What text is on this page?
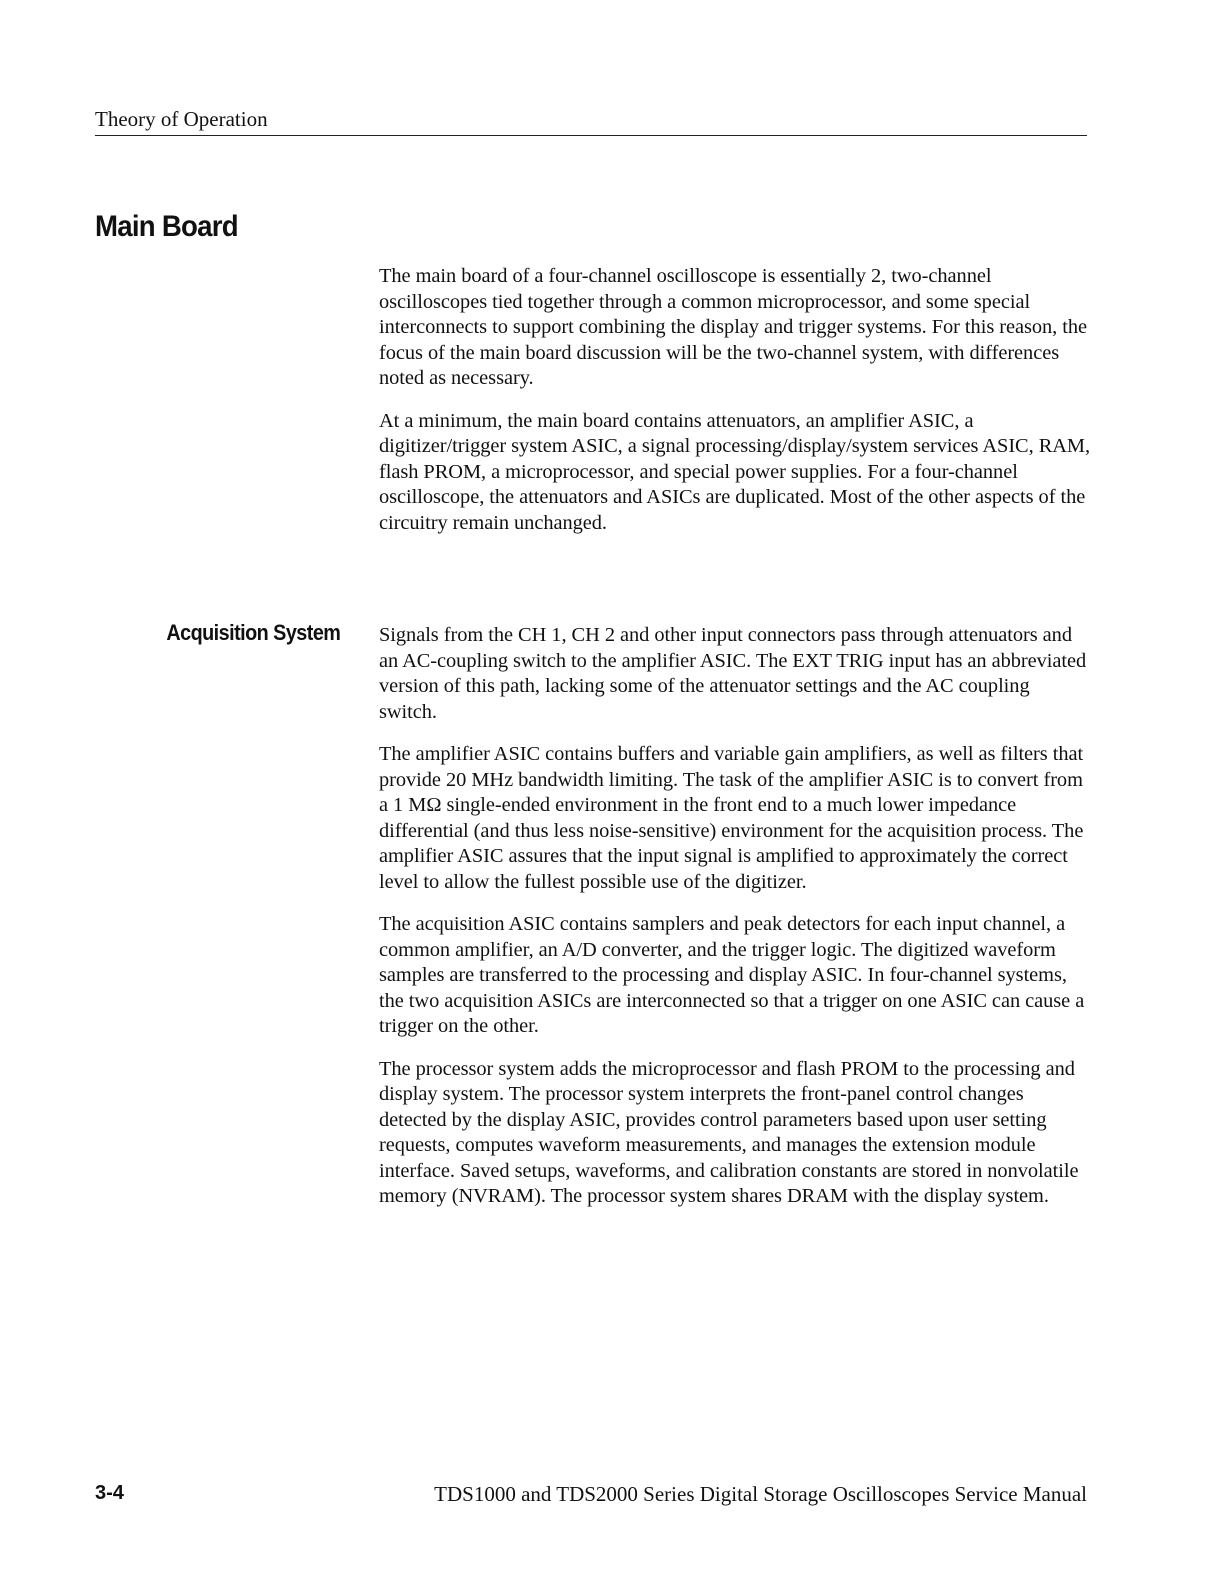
Theory of Operation
Main Board

The main board of a four-channel oscilloscope is essentially 2, two-channel oscilloscopes tied together through a common microprocessor, and some special interconnects to support combining the display and trigger systems. For this reason, the focus of the main board discussion will be the two-channel system, with differences noted as necessary.

At a minimum, the main board contains attenuators, an amplifier ASIC, a digitizer/trigger system ASIC, a signal processing/display/system services ASIC, RAM, flash PROM, a microprocessor, and special power supplies. For a four-channel oscilloscope, the attenuators and ASICs are duplicated. Most of the other aspects of the circuitry remain unchanged.

Acquisition System Signals from the CH 1, CH 2 and other input connectors pass through attenuators and an AC-coupling switch to the amplifier ASIC. The EXT TRIG input has an abbreviated version of this path, lacking some of the attenuator settings and the AC coupling switch.

The amplifier ASIC contains buffers and variable gain amplifiers, as well as filters that provide 20 MHz bandwidth limiting. The task of the amplifier ASIC is to convert from a 1 MΩ single-ended environment in the front end to a much lower impedance differential (and thus less noise-sensitive) environment for the acquisition process. The amplifier ASIC assures that the input signal is amplified to approximately the correct level to allow the fullest possible use of the digitizer.

The acquisition ASIC contains samplers and peak detectors for each input channel, a common amplifier, an A/D converter, and the trigger logic. The digitized waveform samples are transferred to the processing and display ASIC. In four-channel systems, the two acquisition ASICs are interconnected so that a trigger on one ASIC can cause a trigger on the other.

The processor system adds the microprocessor and flash PROM to the processing and display system. The processor system interprets the front-panel control changes detected by the display ASIC, provides control parameters based upon user setting requests, computes waveform measurements, and manages the extension module interface. Saved setups, waveforms, and calibration constants are stored in nonvolatile memory (NVRAM). The processor system shares DRAM with the display system.

3-4	TDS1000 and TDS2000 Series Digital Storage Oscilloscopes Service Manual
